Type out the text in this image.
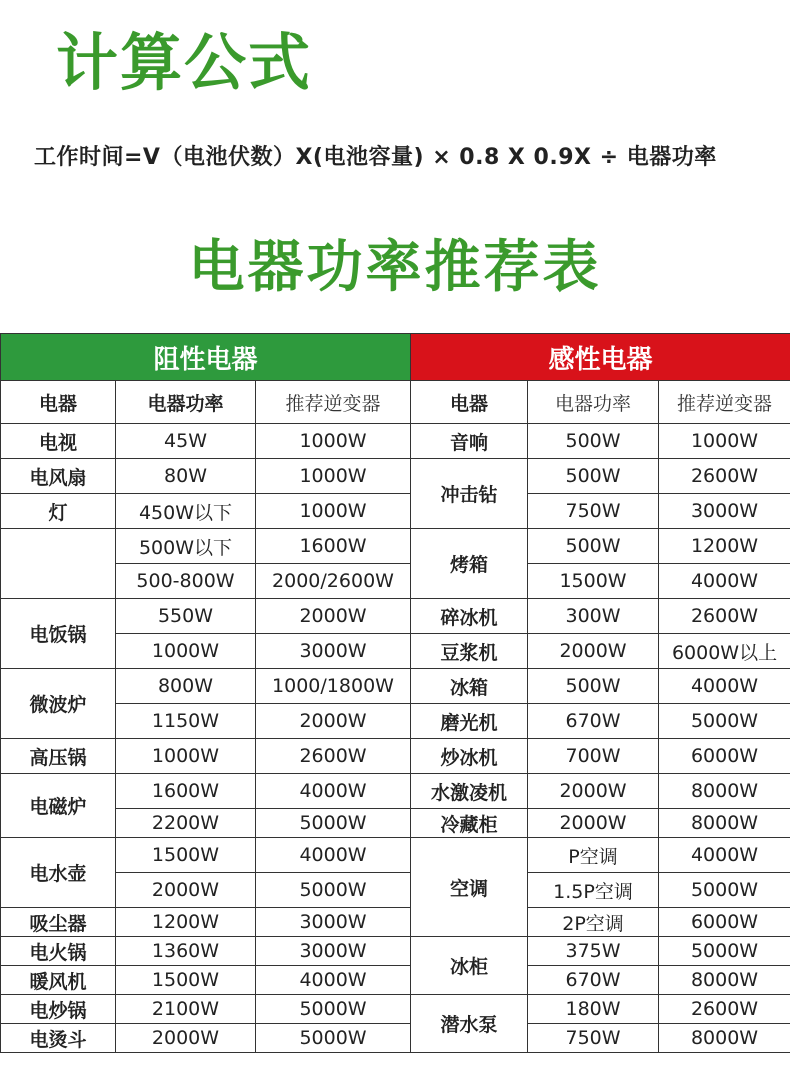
计算公式
工作时间=V（电池伏数）X(电池容量) × 0.8 X 0.9X ÷ 电器功率
电器功率推荐表
阻性电器			感性电器		
电器	电器功率	推荐逆变器	电器	电器功率	推荐逆变器
电视	45W	1000W	音响	500W	1000W
电风扇	80W	1000W	冲击钻	500W	2600W
灯	450W以下	1000W		750W	3000W
	500W以下	1600W	烤箱	500W	1200W
	500-800W	2000/2600W		1500W	4000W
电饭锅	550W	2000W	碎冰机	300W	2600W
	1000W	3000W	豆浆机	2000W	6000W以上
微波炉	800W	1000/1800W	冰箱	500W	4000W
	1150W	2000W	磨光机	670W	5000W
高压锅	1000W	2600W	炒冰机	700W	6000W
电磁炉	1600W	4000W	水激凌机	2000W	8000W
	2200W	5000W	冷藏柜	2000W	8000W
电水壶	1500W	4000W	空调	P空调	4000W
	2000W	5000W		1.5P空调	5000W
吸尘器	1200W	3000W		2P空调	6000W
电火锅	1360W	3000W	冰柜	375W	5000W
暖风机	1500W	4000W		670W	8000W
电炒锅	2100W	5000W	潜水泵	180W	2600W
电烫斗	2000W	5000W		750W	8000W
